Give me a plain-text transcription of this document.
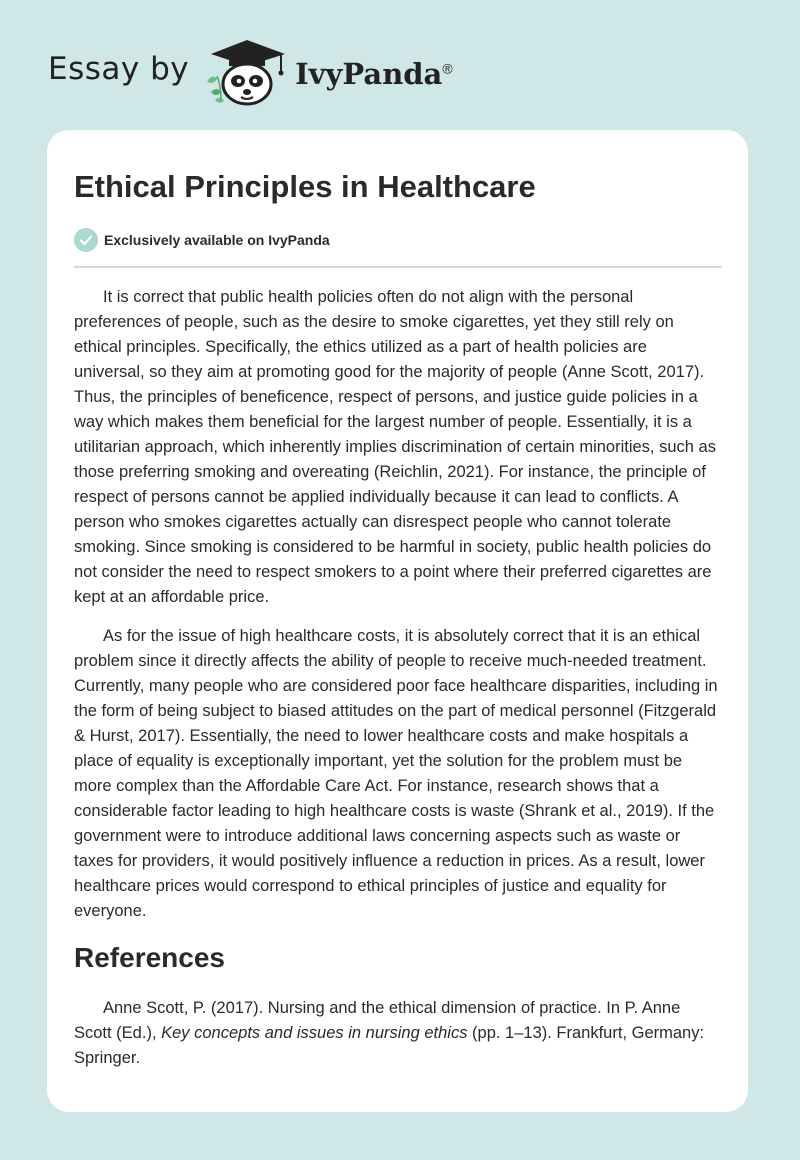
Essay by	IvyPanda®
Ethical Principles in Healthcare
Exclusively available on IvyPanda

It is correct that public health policies often do not align with the personal preferences of people, such as the desire to smoke cigarettes, yet they still rely on ethical principles. Specifically, the ethics utilized as a part of health policies are universal, so they aim at promoting good for the majority of people (Anne Scott, 2017). Thus, the principles of beneficence, respect of persons, and justice guide policies in a way which makes them beneficial for the largest number of people. Essentially, it is a utilitarian approach, which inherently implies discrimination of certain minorities, such as those preferring smoking and overeating (Reichlin, 2021). For instance, the principle of respect of persons cannot be applied individually because it can lead to conflicts. A person who smokes cigarettes actually can disrespect people who cannot tolerate smoking. Since smoking is considered to be harmful in society, public health policies do not consider the need to respect smokers to a point where their preferred cigarettes are kept at an affordable price.

As for the issue of high healthcare costs, it is absolutely correct that it is an ethical problem since it directly affects the ability of people to receive much-needed treatment. Currently, many people who are considered poor face healthcare disparities, including in the form of being subject to biased attitudes on the part of medical personnel (Fitzgerald & Hurst, 2017). Essentially, the need to lower healthcare costs and make hospitals a place of equality is exceptionally important, yet the solution for the problem must be more complex than the Affordable Care Act. For instance, research shows that a considerable factor leading to high healthcare costs is waste (Shrank et al., 2019). If the government were to introduce additional laws concerning aspects such as waste or taxes for providers, it would positively influence a reduction in prices. As a result, lower healthcare prices would correspond to ethical principles of justice and equality for everyone.

References

Anne Scott, P. (2017). Nursing and the ethical dimension of practice. In P. Anne Scott (Ed.), Key concepts and issues in nursing ethics (pp. 1–13). Frankfurt, Germany: Springer.
